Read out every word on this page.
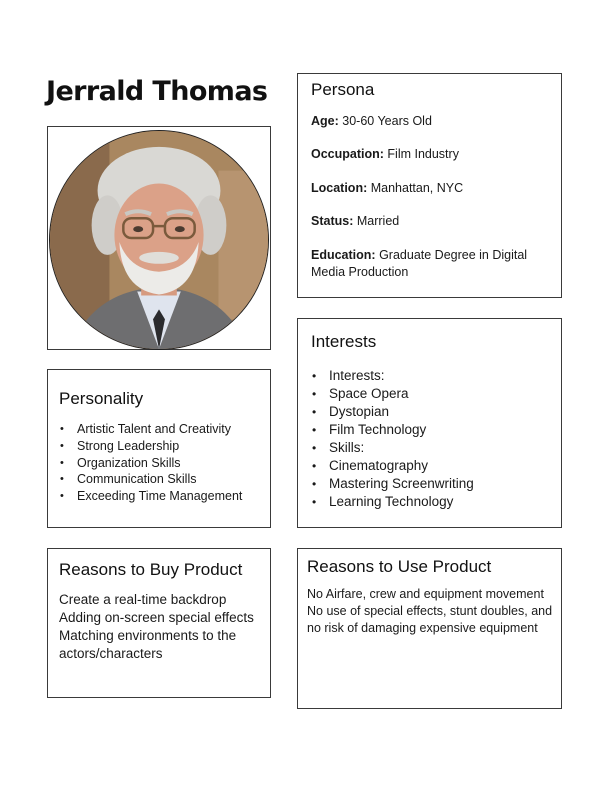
Jerrald Thomas	Persona
Age: 30-60 Years Old
Occupation: Film Industry
Location: Manhattan, NYC
Status: Married
Education: Graduate Degree in Digital Media Production
Interests
• Interests:
• Space Opera
• Dystopian
• Film Technology
• Skills:
• Cinematography
• Mastering Screenwriting
• Learning Technology
Personality
• Artistic Talent and Creativity
• Strong Leadership
• Organization Skills
• Communication Skills
• Exceeding Time Management
Reasons to Buy Product
Create a real-time backdrop
Adding on-screen special effects
Matching environments to the actors/characters
Reasons to Use Product
No Airfare, crew and equipment movement
No use of special effects, stunt doubles, and no risk of damaging expensive equipment
